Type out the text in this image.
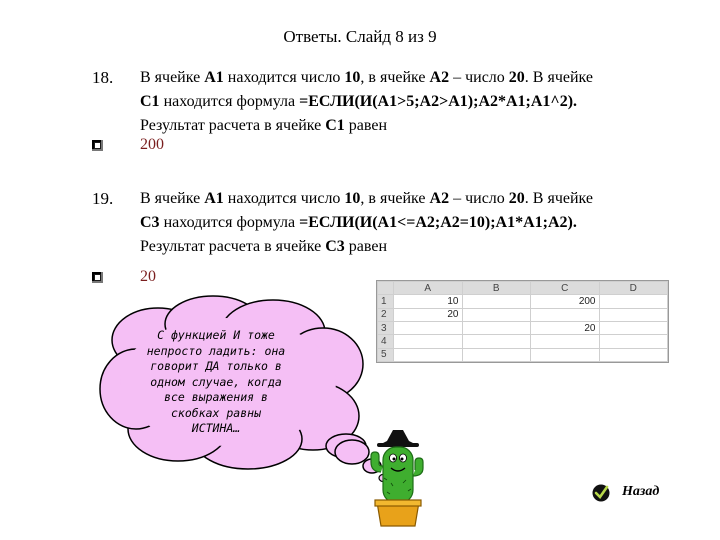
Ответы. Слайд 8 из 9
18. В ячейке A1 находится число 10, в ячейке A2 – число 20. В ячейке
C1 находится формула =ЕСЛИ(И(A1>5;A2>A1);A2*A1;A1^2).
Результат расчета в ячейке C1 равен
200
19. В ячейке A1 находится число 10, в ячейке A2 – число 20. В ячейке
C3 находится формула =ЕСЛИ(И(A1<=A2;A2=10);A1*A1;A2).
Результат расчета в ячейке C3 равен
20
	A	B	C	D
1	10		200	
2	20			
3			20	
4				
5				
С функцией И тоже
непросто ладить: она
говорит ДА только в
одном случае, когда
все выражения в
скобках равны
ИСТИНА…
Назад
